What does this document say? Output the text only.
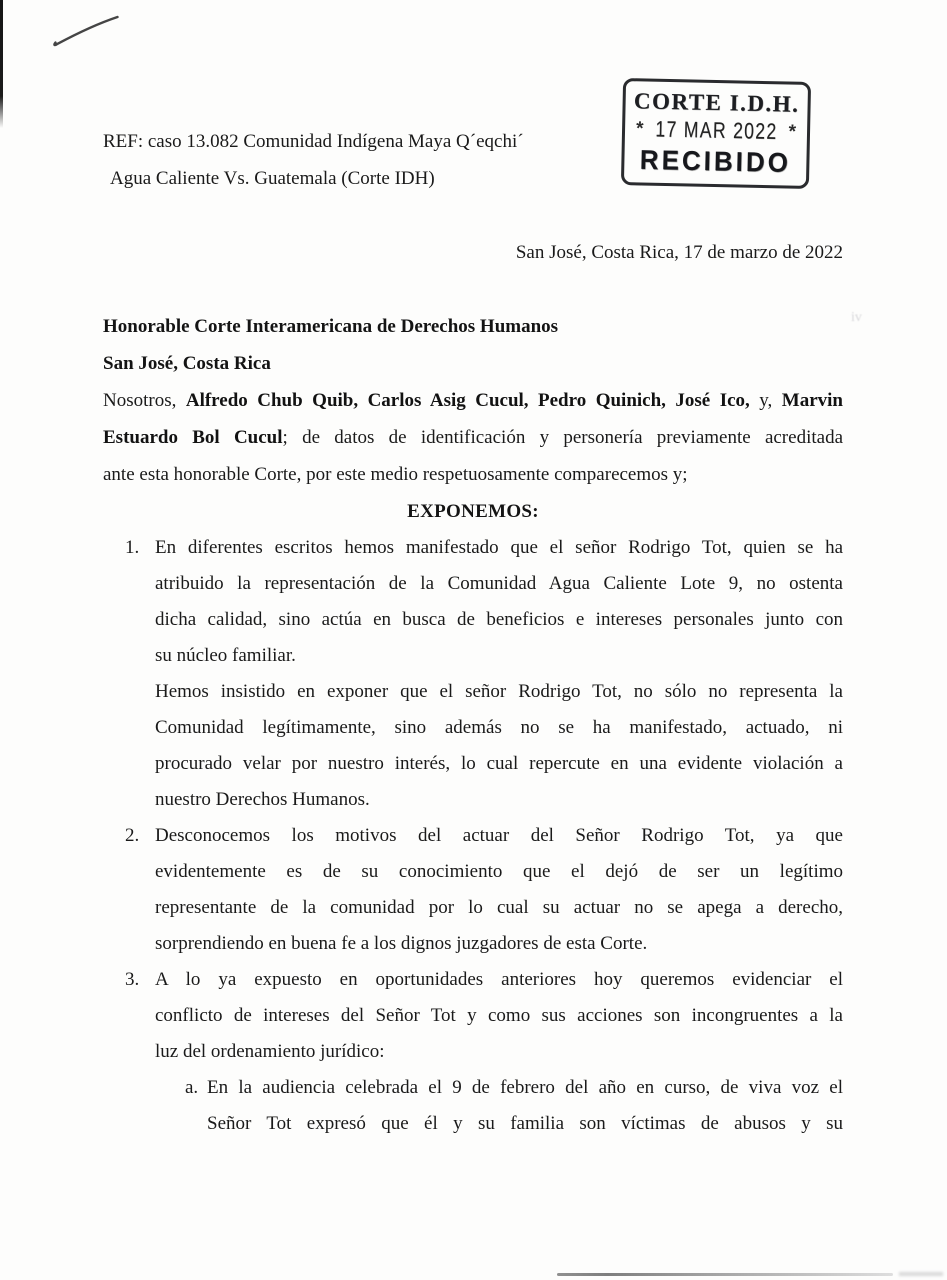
CORTE I.D.H.
* 17 MAR 2022 *
RECIBIDO
iv
REF: caso 13.082 Comunidad Indígena Maya Q´eqchi´
Agua Caliente Vs. Guatemala (Corte IDH)
San José, Costa Rica, 17 de marzo de 2022
Honorable Corte Interamericana de Derechos Humanos
San José, Costa Rica
Nosotros, Alfredo Chub Quib, Carlos Asig Cucul, Pedro Quinich, José Ico, y, Marvin
Estuardo Bol Cucul; de datos de identificación y personería previamente acreditada
ante esta honorable Corte, por este medio respetuosamente comparecemos y;
EXPONEMOS:
1. En diferentes escritos hemos manifestado que el señor Rodrigo Tot, quien se ha
atribuido la representación de la Comunidad Agua Caliente Lote 9, no ostenta
dicha calidad, sino actúa en busca de beneficios e intereses personales junto con
su núcleo familiar.
Hemos insistido en exponer que el señor Rodrigo Tot, no sólo no representa la
Comunidad legítimamente, sino además no se ha manifestado, actuado, ni
procurado velar por nuestro interés, lo cual repercute en una evidente violación a
nuestro Derechos Humanos.
2. Desconocemos los motivos del actuar del Señor Rodrigo Tot, ya que
evidentemente es de su conocimiento que el dejó de ser un legítimo
representante de la comunidad por lo cual su actuar no se apega a derecho,
sorprendiendo en buena fe a los dignos juzgadores de esta Corte.
3. A lo ya expuesto en oportunidades anteriores hoy queremos evidenciar el
conflicto de intereses del Señor Tot y como sus acciones son incongruentes a la
luz del ordenamiento jurídico:
a. En la audiencia celebrada el 9 de febrero del año en curso, de viva voz el
Señor Tot expresó que él y su familia son víctimas de abusos y su
